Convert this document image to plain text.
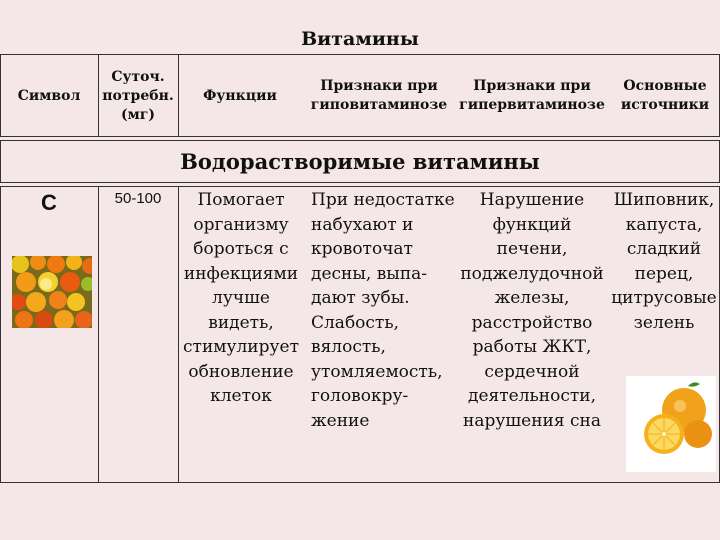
Витамины
Символ
Суточ.
потребн.
(мг)
Функции
Признаки при
гиповитаминозе
Признаки при
гипервитаминозе
Основные
источники
Водорастворимые витамины
С	50-100	Помогает
организму
бороться с
инфекциями
лучше
видеть,
стимулирует
обновление
клеток
При недостатке
набухают и
кровоточат
десны, выпа-
дают зубы.
Слабость,
вялость,
утомляемость,
головокру-
жение
Нарушение
функций
печени,
поджелудочной
железы,
расстройство
работы ЖКТ,
сердечной
деятельности,
нарушения сна
Шиповник,
капуста,
сладкий
перец,
цитрусовые
зелень
